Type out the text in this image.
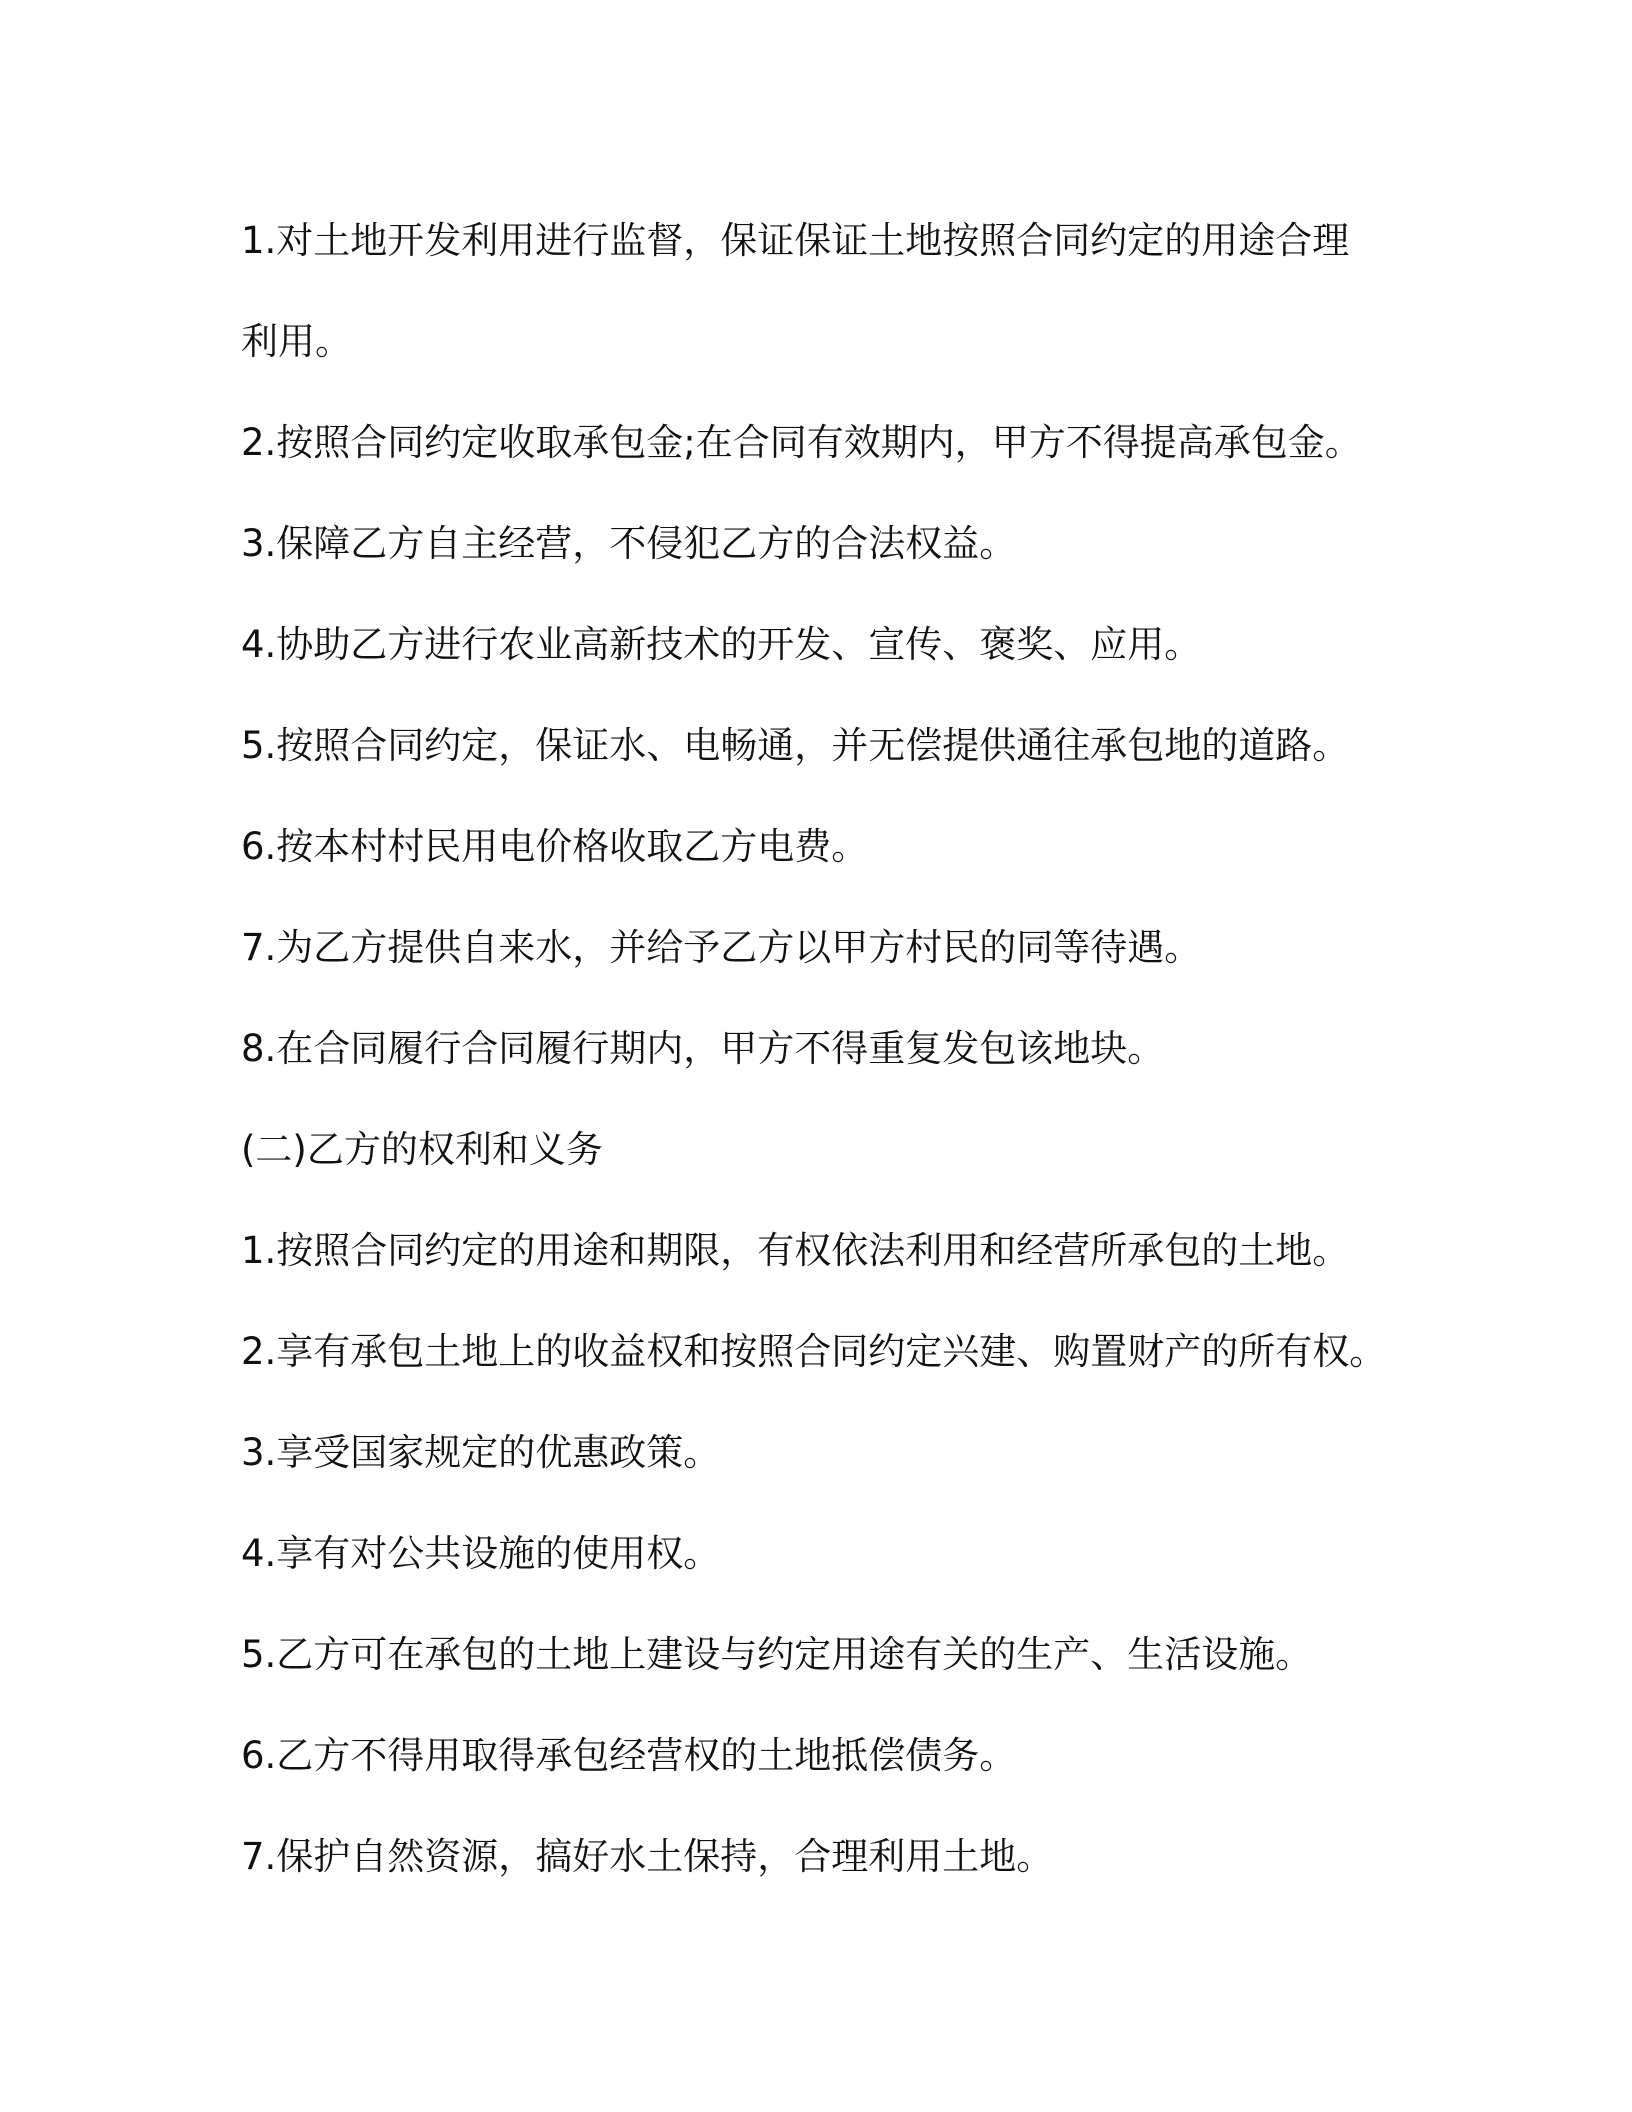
1.对土地开发利用进行监督，保证保证土地按照合同约定的用途合理
利用。
2.按照合同约定收取承包金;在合同有效期内，甲方不得提高承包金。
3.保障乙方自主经营，不侵犯乙方的合法权益。
4.协助乙方进行农业高新技术的开发、宣传、褒奖、应用。
5.按照合同约定，保证水、电畅通，并无偿提供通往承包地的道路。
6.按本村村民用电价格收取乙方电费。
7.为乙方提供自来水，并给予乙方以甲方村民的同等待遇。
8.在合同履行合同履行期内，甲方不得重复发包该地块。
(二)乙方的权利和义务
1.按照合同约定的用途和期限，有权依法利用和经营所承包的土地。
2.享有承包土地上的收益权和按照合同约定兴建、购置财产的所有权。
3.享受国家规定的优惠政策。
4.享有对公共设施的使用权。
5.乙方可在承包的土地上建设与约定用途有关的生产、生活设施。
6.乙方不得用取得承包经营权的土地抵偿债务。
7.保护自然资源，搞好水土保持，合理利用土地。
